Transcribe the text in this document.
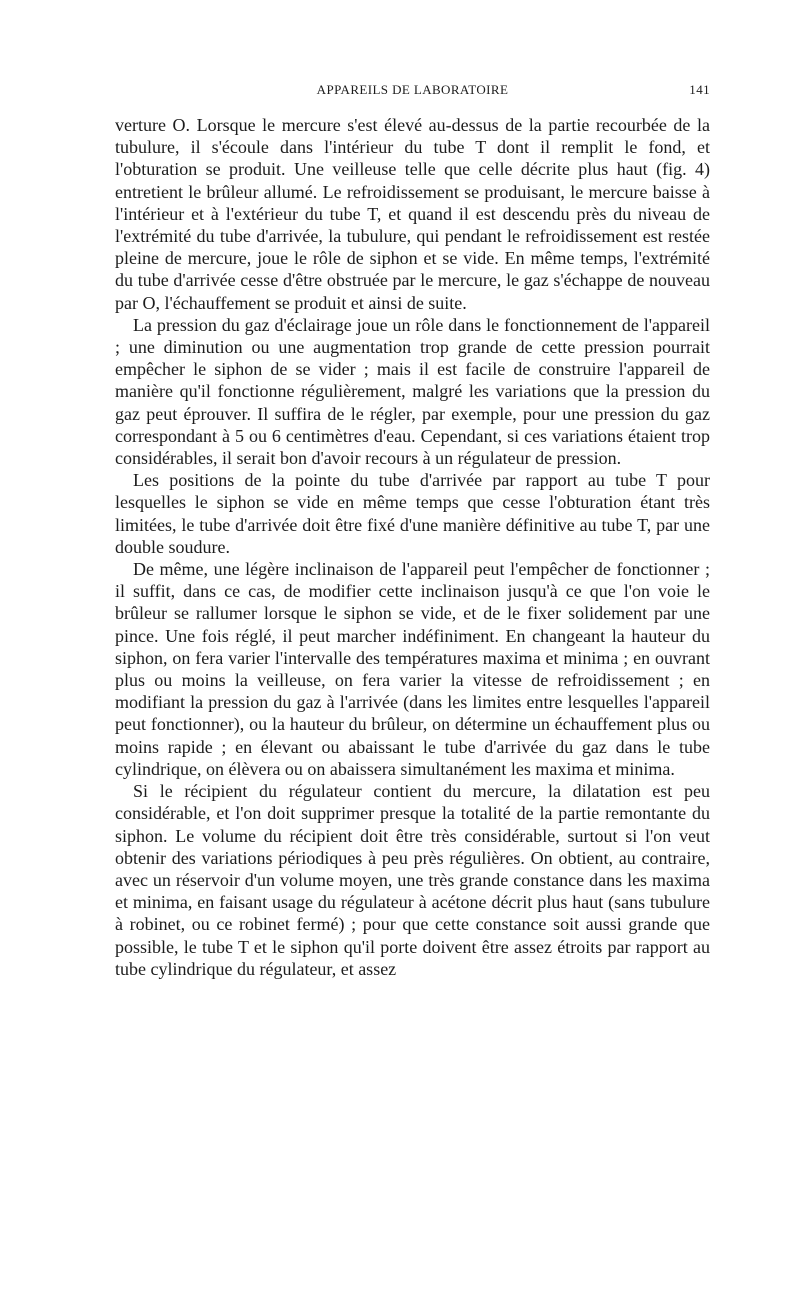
APPAREILS DE LABORATOIRE	141

verture O. Lorsque le mercure s'est élevé au-dessus de la partie recourbée de la tubulure, il s'écoule dans l'intérieur du tube T dont il remplit le fond, et l'obturation se produit. Une veilleuse telle que celle décrite plus haut (fig. 4) entretient le brûleur allumé. Le refroidissement se produisant, le mercure baisse à l'intérieur et à l'extérieur du tube T, et quand il est descendu près du niveau de l'extrémité du tube d'arrivée, la tubulure, qui pendant le refroidissement est restée pleine de mercure, joue le rôle de siphon et se vide. En même temps, l'extrémité du tube d'arrivée cesse d'être obstruée par le mercure, le gaz s'échappe de nouveau par O, l'échauffement se produit et ainsi de suite.

La pression du gaz d'éclairage joue un rôle dans le fonctionnement de l'appareil ; une diminution ou une augmentation trop grande de cette pression pourrait empêcher le siphon de se vider ; mais il est facile de construire l'appareil de manière qu'il fonctionne régulièrement, malgré les variations que la pression du gaz peut éprouver. Il suffira de le régler, par exemple, pour une pression du gaz correspondant à 5 ou 6 centimètres d'eau. Cependant, si ces variations étaient trop considérables, il serait bon d'avoir recours à un régulateur de pression.

Les positions de la pointe du tube d'arrivée par rapport au tube T pour lesquelles le siphon se vide en même temps que cesse l'obturation étant très limitées, le tube d'arrivée doit être fixé d'une manière définitive au tube T, par une double soudure.

De même, une légère inclinaison de l'appareil peut l'empêcher de fonctionner ; il suffit, dans ce cas, de modifier cette inclinaison jusqu'à ce que l'on voie le brûleur se rallumer lorsque le siphon se vide, et de le fixer solidement par une pince. Une fois réglé, il peut marcher indéfiniment. En changeant la hauteur du siphon, on fera varier l'intervalle des températures maxima et minima ; en ouvrant plus ou moins la veilleuse, on fera varier la vitesse de refroidissement ; en modifiant la pression du gaz à l'arrivée (dans les limites entre lesquelles l'appareil peut fonctionner), ou la hauteur du brûleur, on détermine un échauffement plus ou moins rapide ; en élevant ou abaissant le tube d'arrivée du gaz dans le tube cylindrique, on élèvera ou on abaissera simultanément les maxima et minima.

Si le récipient du régulateur contient du mercure, la dilatation est peu considérable, et l'on doit supprimer presque la totalité de la partie remontante du siphon. Le volume du récipient doit être très considérable, surtout si l'on veut obtenir des variations périodiques à peu près régulières. On obtient, au contraire, avec un réservoir d'un volume moyen, une très grande constance dans les maxima et minima, en faisant usage du régulateur à acétone décrit plus haut (sans tubulure à robinet, ou ce robinet fermé) ; pour que cette constance soit aussi grande que possible, le tube T et le siphon qu'il porte doivent être assez étroits par rapport au tube cylindrique du régulateur, et assez
